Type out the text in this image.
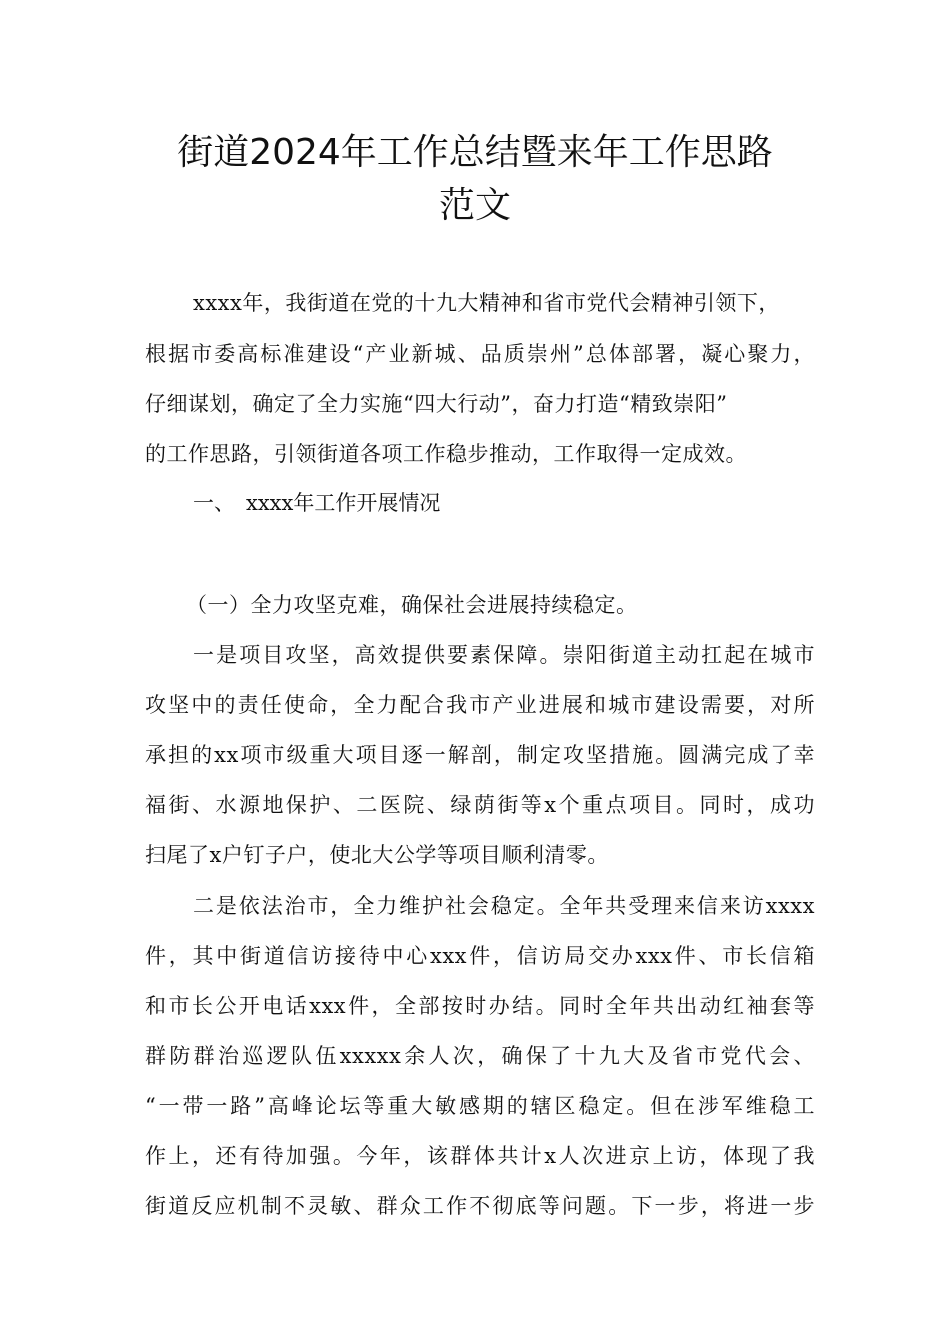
街道2024年工作总结暨来年工作思路
范文
xxxx年，我街道在党的十九大精神和省市党代会精神引领下，
根据市委高标准建设“产业新城、品质崇州”总体部署，凝心聚力，
仔细谋划，确定了全力实施“四大行动”，奋力打造“精致崇阳”
的工作思路，引领街道各项工作稳步推动，工作取得一定成效。
一、 xxxx年工作开展情况
（一）全力攻坚克难，确保社会进展持续稳定。
一是项目攻坚，高效提供要素保障。崇阳街道主动扛起在城市
攻坚中的责任使命，全力配合我市产业进展和城市建设需要，对所
承担的xx项市级重大项目逐一解剖，制定攻坚措施。圆满完成了幸
福街、水源地保护、二医院、绿荫街等x个重点项目。同时，成功
扫尾了x户钉子户，使北大公学等项目顺利清零。
二是依法治市，全力维护社会稳定。全年共受理来信来访xxxx
件，其中街道信访接待中心xxx件，信访局交办xxx件、市长信箱
和市长公开电话xxx件，全部按时办结。同时全年共出动红袖套等
群防群治巡逻队伍xxxxx余人次，确保了十九大及省市党代会、
“一带一路”高峰论坛等重大敏感期的辖区稳定。但在涉军维稳工
作上，还有待加强。今年，该群体共计x人次进京上访，体现了我
街道反应机制不灵敏、群众工作不彻底等问题。下一步，将进一步
